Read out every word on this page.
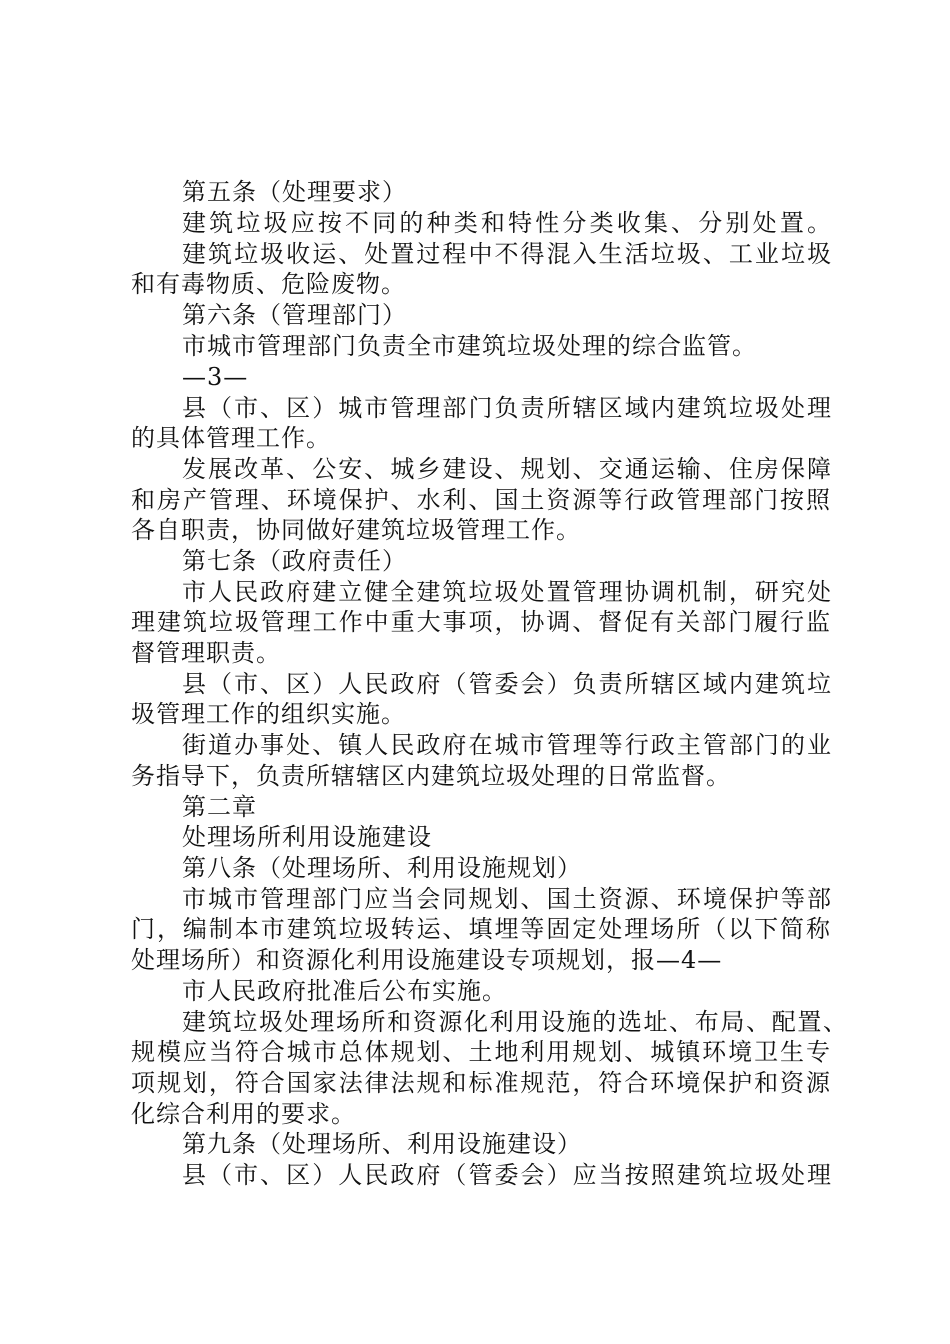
第五条（处理要求）
建筑垃圾应按不同的种类和特性分类收集、分别处置。
建筑垃圾收运、处置过程中不得混入生活垃圾、工业垃圾
和有毒物质、危险废物。
第六条（管理部门）
市城市管理部门负责全市建筑垃圾处理的综合监管。
—3—
县（市、区）城市管理部门负责所辖区域内建筑垃圾处理
的具体管理工作。
发展改革、公安、城乡建设、规划、交通运输、住房保障
和房产管理、环境保护、水利、国土资源等行政管理部门按照
各自职责，协同做好建筑垃圾管理工作。
第七条（政府责任）
市人民政府建立健全建筑垃圾处置管理协调机制，研究处
理建筑垃圾管理工作中重大事项，协调、督促有关部门履行监
督管理职责。
县（市、区）人民政府（管委会）负责所辖区域内建筑垃
圾管理工作的组织实施。
街道办事处、镇人民政府在城市管理等行政主管部门的业
务指导下，负责所辖辖区内建筑垃圾处理的日常监督。
第二章
处理场所利用设施建设
第八条（处理场所、利用设施规划）
市城市管理部门应当会同规划、国土资源、环境保护等部
门，编制本市建筑垃圾转运、填埋等固定处理场所（以下简称
处理场所）和资源化利用设施建设专项规划，报—4—
市人民政府批准后公布实施。
建筑垃圾处理场所和资源化利用设施的选址、布局、配置、
规模应当符合城市总体规划、土地利用规划、城镇环境卫生专
项规划，符合国家法律法规和标准规范，符合环境保护和资源
化综合利用的要求。
第九条（处理场所、利用设施建设）
县（市、区）人民政府（管委会）应当按照建筑垃圾处理
